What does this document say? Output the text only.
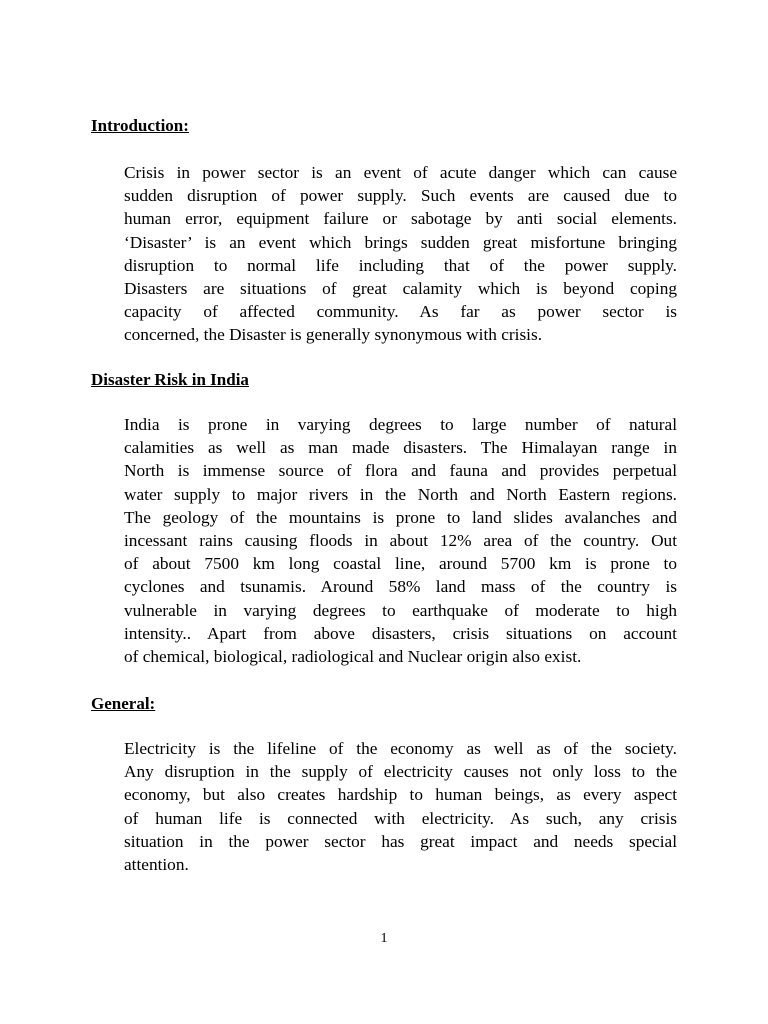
Introduction:
Crisis in power sector is an event of acute danger which can cause
sudden disruption of power supply. Such events are caused due to
human error, equipment failure or sabotage by anti social elements.
‘Disaster’ is an event which brings sudden great misfortune bringing
disruption to normal life including that of the power supply.
Disasters are situations of great calamity which is beyond coping
capacity of affected community. As far as power sector is
concerned, the Disaster is generally synonymous with crisis.
Disaster Risk in India
India is prone in varying degrees to large number of natural
calamities as well as man made disasters. The Himalayan range in
North is immense source of flora and fauna and provides perpetual
water supply to major rivers in the North and North Eastern regions.
The geology of the mountains is prone to land slides avalanches and
incessant rains causing floods in about 12% area of the country. Out
of about 7500 km long coastal line, around 5700 km is prone to
cyclones and tsunamis. Around 58% land mass of the country is
vulnerable in varying degrees to earthquake of moderate to high
intensity.. Apart from above disasters, crisis situations on account
of chemical, biological, radiological and Nuclear origin also exist.
General:
Electricity is the lifeline of the economy as well as of the society.
Any disruption in the supply of electricity causes not only loss to the
economy, but also creates hardship to human beings, as every aspect
of human life is connected with electricity. As such, any crisis
situation in the power sector has great impact and needs special
attention.
1
